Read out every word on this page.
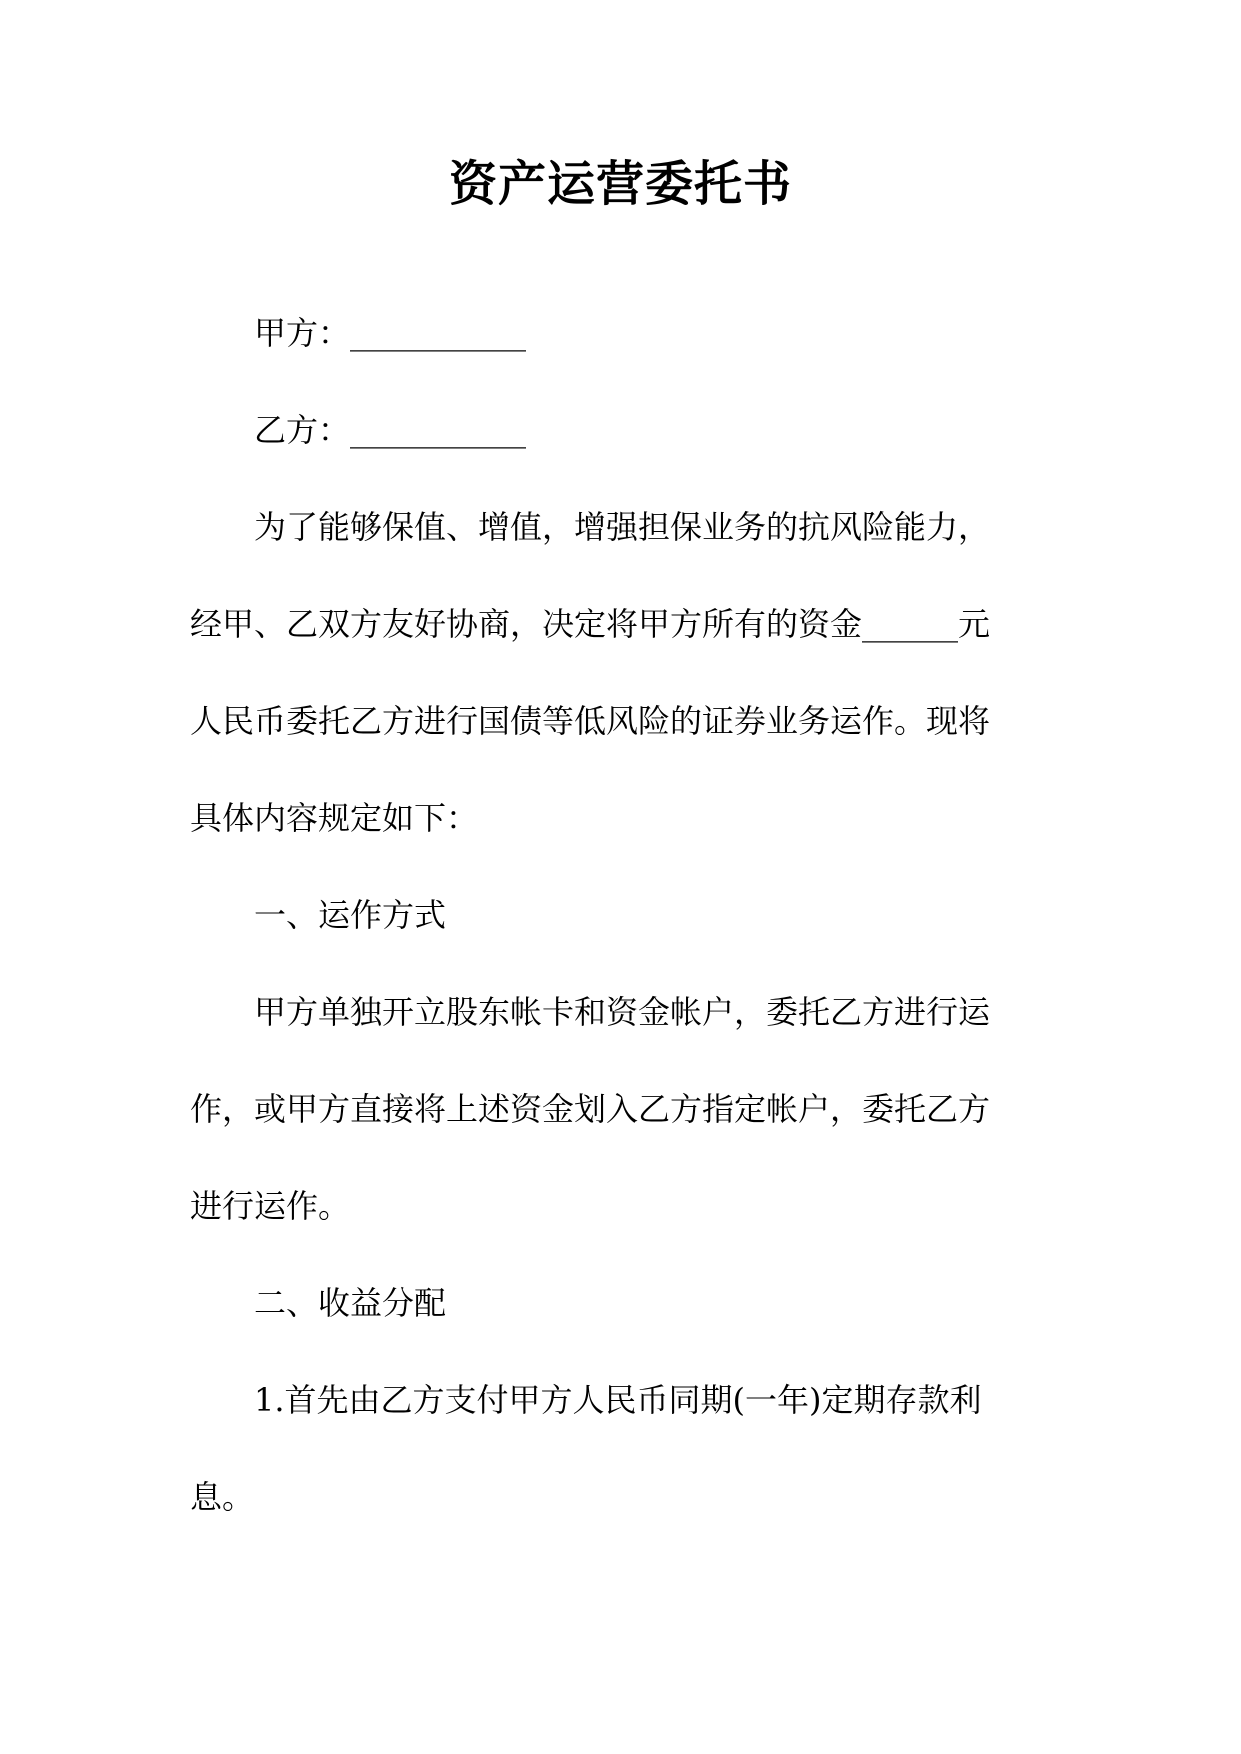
资产运营委托书
甲方：___________
乙方：___________
为了能够保值、增值，增强担保业务的抗风险能力，
经甲、乙双方友好协商，决定将甲方所有的资金______元
人民币委托乙方进行国债等低风险的证券业务运作。现将
具体内容规定如下：
一、运作方式
甲方单独开立股东帐卡和资金帐户，委托乙方进行运
作，或甲方直接将上述资金划入乙方指定帐户，委托乙方
进行运作。
二、收益分配
1.首先由乙方支付甲方人民币同期(一年)定期存款利
息。
